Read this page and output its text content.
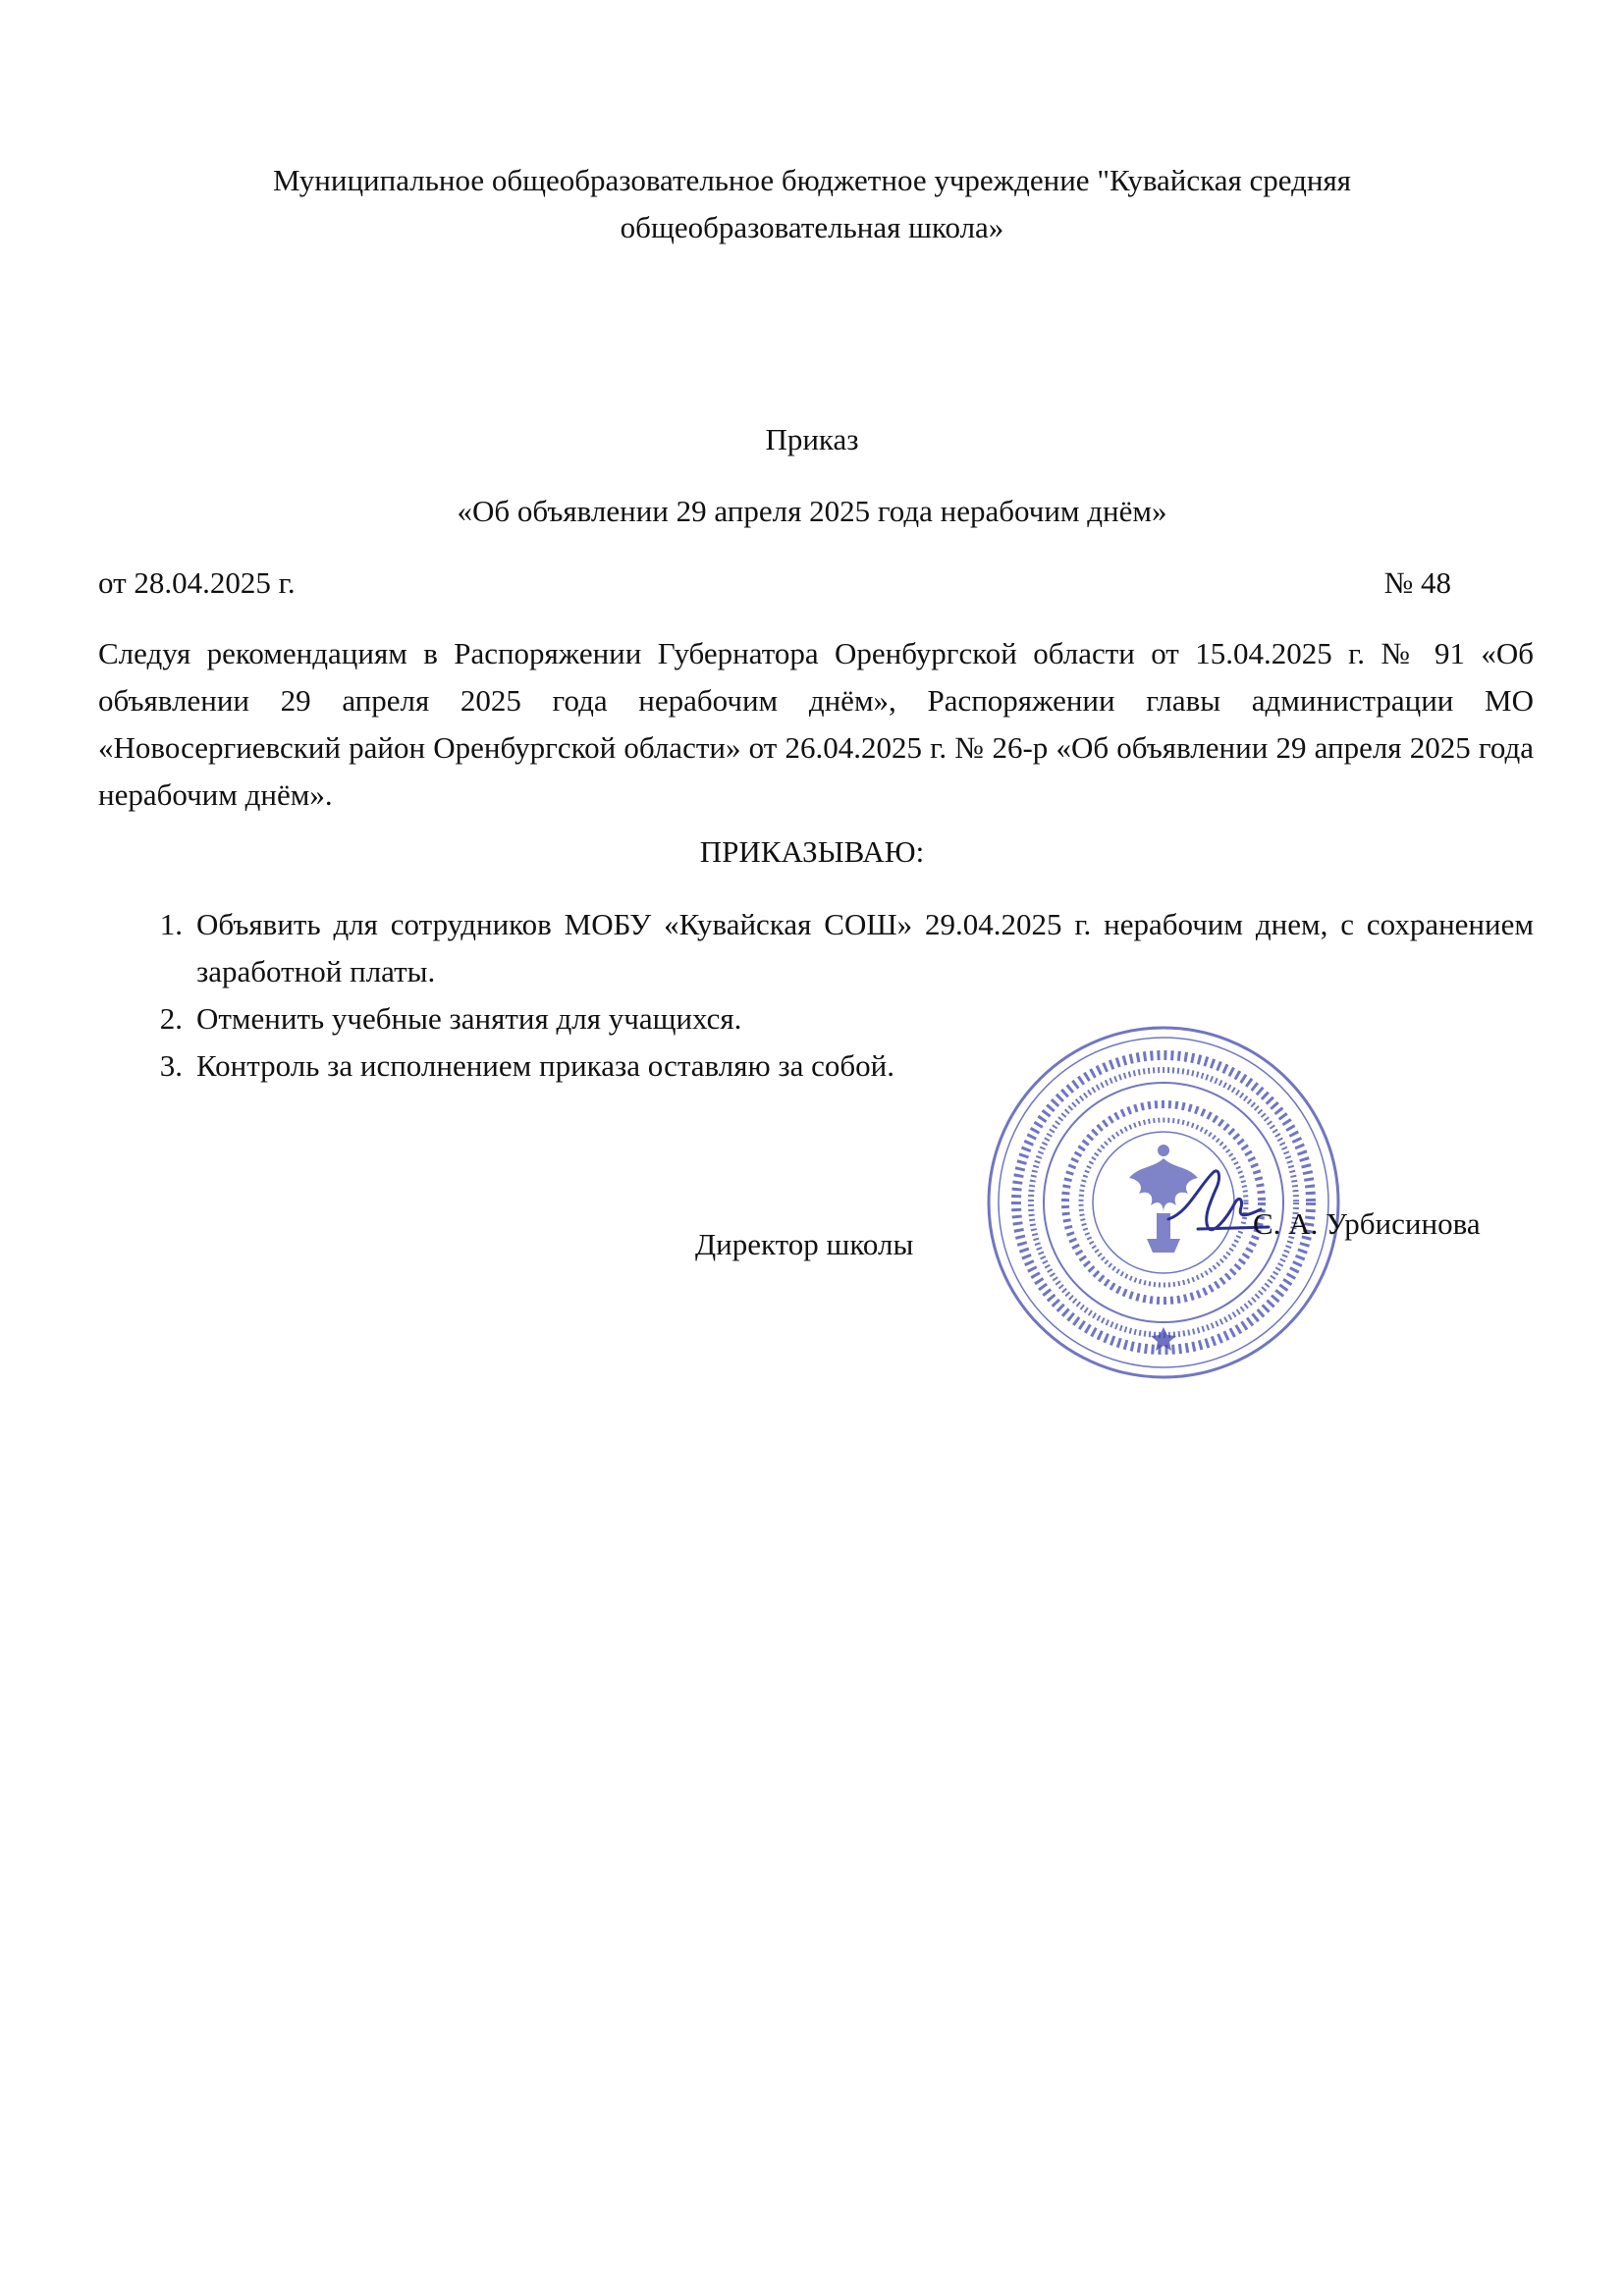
Муниципальное общеобразовательное бюджетное учреждение "Кувайская средняя
общеобразовательная школа»
Приказ
«Об объявлении 29 апреля 2025 года нерабочим днём»
от 28.04.2025 г.	№ 48
Следуя рекомендациям в Распоряжении Губернатора Оренбургской области от 15.04.2025 г. № 91 «Об объявлении 29 апреля 2025 года нерабочим днём», Распоряжении главы администрации МО «Новосергиевский район Оренбургской области» от 26.04.2025 г. № 26-р «Об объявлении 29 апреля 2025 года нерабочим днём».
ПРИКАЗЫВАЮ:
1. Объявить для сотрудников МОБУ «Кувайская СОШ» 29.04.2025 г. нерабочим днем, с сохранением заработной платы.
2. Отменить учебные занятия для учащихся.
3. Контроль за исполнением приказа оставляю за собой.
Директор школы
С. А. Урбисинова
